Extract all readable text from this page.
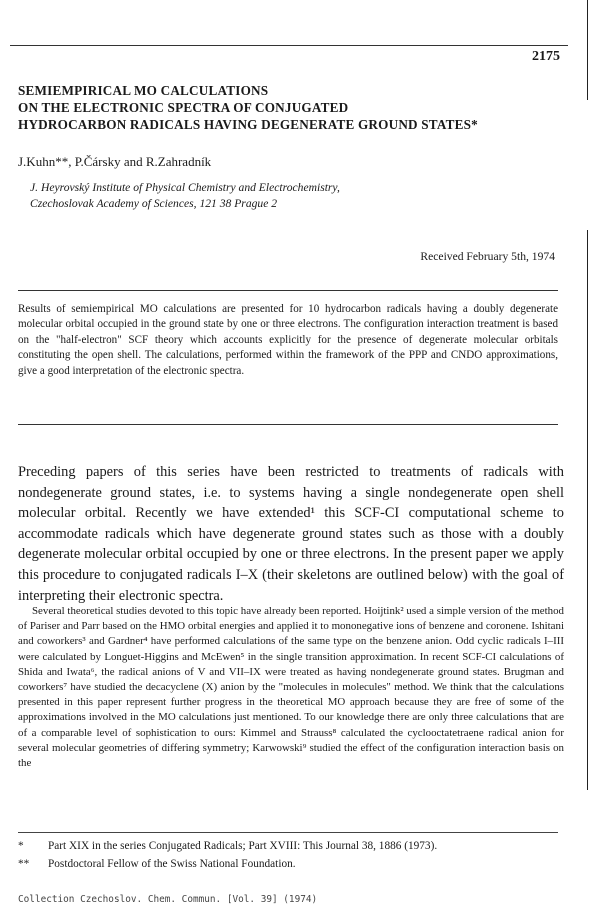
2175
SEMIEMPIRICAL MO CALCULATIONS
ON THE ELECTRONIC SPECTRA OF CONJUGATED
HYDROCARBON RADICALS HAVING DEGENERATE GROUND STATES*
J.Kuhn**, P.Čársky and R.Zahradník
J. Heyrovský Institute of Physical Chemistry and Electrochemistry,
Czechoslovak Academy of Sciences, 121 38 Prague 2
Received February 5th, 1974

Results of semiempirical MO calculations are presented for 10 hydrocarbon radicals having a doubly degenerate molecular orbital occupied in the ground state by one or three electrons. The configuration interaction treatment is based on the "half-electron" SCF theory which accounts explicitly for the presence of degenerate molecular orbitals constituting the open shell. The calculations, performed within the framework of the PPP and CNDO approximations, give a good interpretation of the electronic spectra.

Preceding papers of this series have been restricted to treatments of radicals with nondegenerate ground states, i.e. to systems having a single nondegenerate open shell molecular orbital. Recently we have extended¹ this SCF-CI computational scheme to accommodate radicals which have degenerate ground states such as those with a doubly degenerate molecular orbital occupied by one or three electrons. In the present paper we apply this procedure to conjugated radicals I–X (their skeletons are outlined below) with the goal of interpreting their electronic spectra.

Several theoretical studies devoted to this topic have already been reported. Hoijtink² used a simple version of the method of Pariser and Parr based on the HMO orbital energies and applied it to mononegative ions of benzene and coronene. Ishitani and coworkers³ and Gardner⁴ have performed calculations of the same type on the benzene anion. Odd cyclic radicals I–III were calculated by Longuet-Higgins and McEwen⁵ in the single transition approximation. In recent SCF-CI calculations of Shida and Iwata⁶, the radical anions of V and VII–IX were treated as having nondegenerate ground states. Brugman and coworkers⁷ have studied the decacyclene (X) anion by the "molecules in molecules" method. We think that the calculations presented in this paper represent further progress in the theoretical MO approach because they are free of some of the approximations involved in the MO calculations just mentioned. To our knowledge there are only three calculations that are of a comparable level of sophistication to ours: Kimmel and Strauss⁸ calculated the cyclooctatetraene radical anion for several molecular geometries of differing symmetry; Karwowski⁹ studied the effect of the configuration interaction basis on the

* Part XIX in the series Conjugated Radicals; Part XVIII: This Journal 38, 1886 (1973).
** Postdoctoral Fellow of the Swiss National Foundation.
Collection Czechoslov. Chem. Commun. [Vol. 39] (1974)
